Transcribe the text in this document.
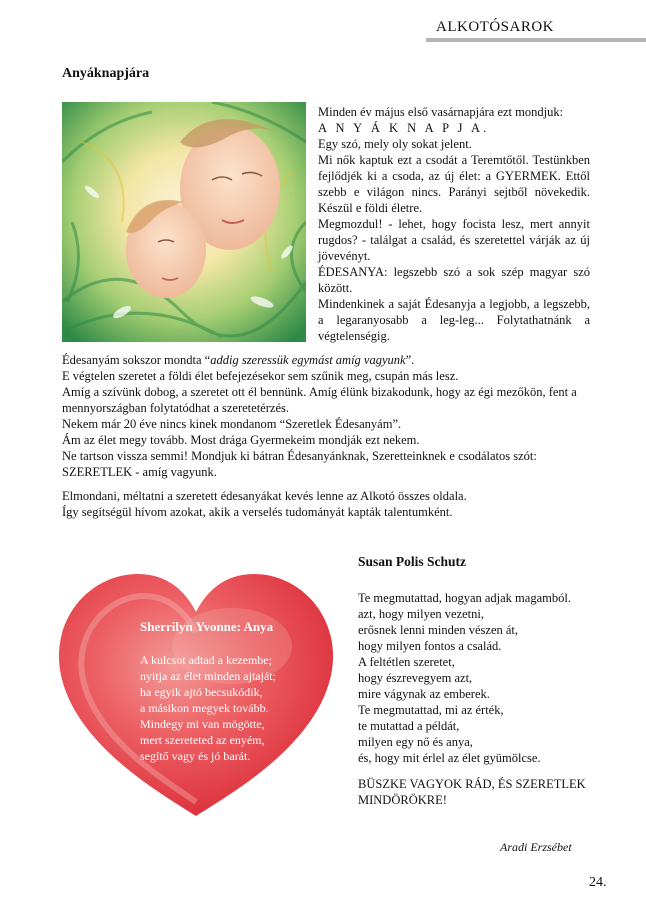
ALKOTÓSAROK
Anyáknapjára

Minden év május első vasárnapjára ezt mondjuk:

A N Y Á K N A P J A.

Egy szó, mely oly sokat jelent.

Mi nők kaptuk ezt a csodát a Teremtőtől. Testünkben fejlődjék ki a csoda, az új élet: a GYERMEK. Ettől szebb e világon nincs. Parányi sejtből növekedik. Készül e földi életre.

Megmozdul! - lehet, hogy focista lesz, mert annyit rugdos? - találgat a család, és szeretettel várják az új jövevényt.

ÉDESANYA: legszebb szó a sok szép magyar szó között.

Mindenkinek a saját Édesanyja a legjobb, a legszebb, a legaranyosabb a leg-leg... Folytathatnánk a végtelenségig.

Édesanyám sokszor mondta “addig szeressük egymást amíg vagyunk”.

E végtelen szeretet a földi élet befejezésekor sem szűnik meg, csupán más lesz.

Amíg a szívünk dobog, a szeretet ott él bennünk. Amíg élünk bizakodunk, hogy az égi mezőkön, fent a mennyországban folytatódhat a szeretetérzés.

Nekem már 20 éve nincs kinek mondanom “Szeretlek Édesanyám”.

Ám az élet megy tovább. Most drága Gyermekeim mondják ezt nekem.

Ne tartson vissza semmi! Mondjuk ki bátran Édesanyánknak, Szeretteinknek e csodálatos szót: SZERETLEK - amíg vagyunk.

Elmondani, méltatni a szeretett édesanyákat kevés lenne az Alkotó összes oldala.

Így segítségül hívom azokat, akik a verselés tudományát kapták talentumként.

Sherrilyn Yvonne: Anya
A kulcsot adtad a kezembe;
nyitja az élet minden ajtaját;
ha egyik ajtó becsukódik,
a másikon megyek tovább.
Mindegy mi van mögötte,
mert szereteted az enyém,
segítő vagy és jó barát.
Susan Polis Schutz
Te megmutattad, hogyan adjak magamból.
azt, hogy milyen vezetni,
erősnek lenni minden vészen át,
hogy milyen fontos a család.
A feltétlen szeretet,
hogy észrevegyem azt,
mire vágynak az emberek.
Te megmutattad, mi az érték,
te mutattad a példát,
milyen egy nő és anya,
és, hogy mit érlel az élet gyümölcse.
BÜSZKE VAGYOK RÁD, ÉS SZERETLEK
MINDÖRÖKRE!
Aradi Erzsébet
24.
